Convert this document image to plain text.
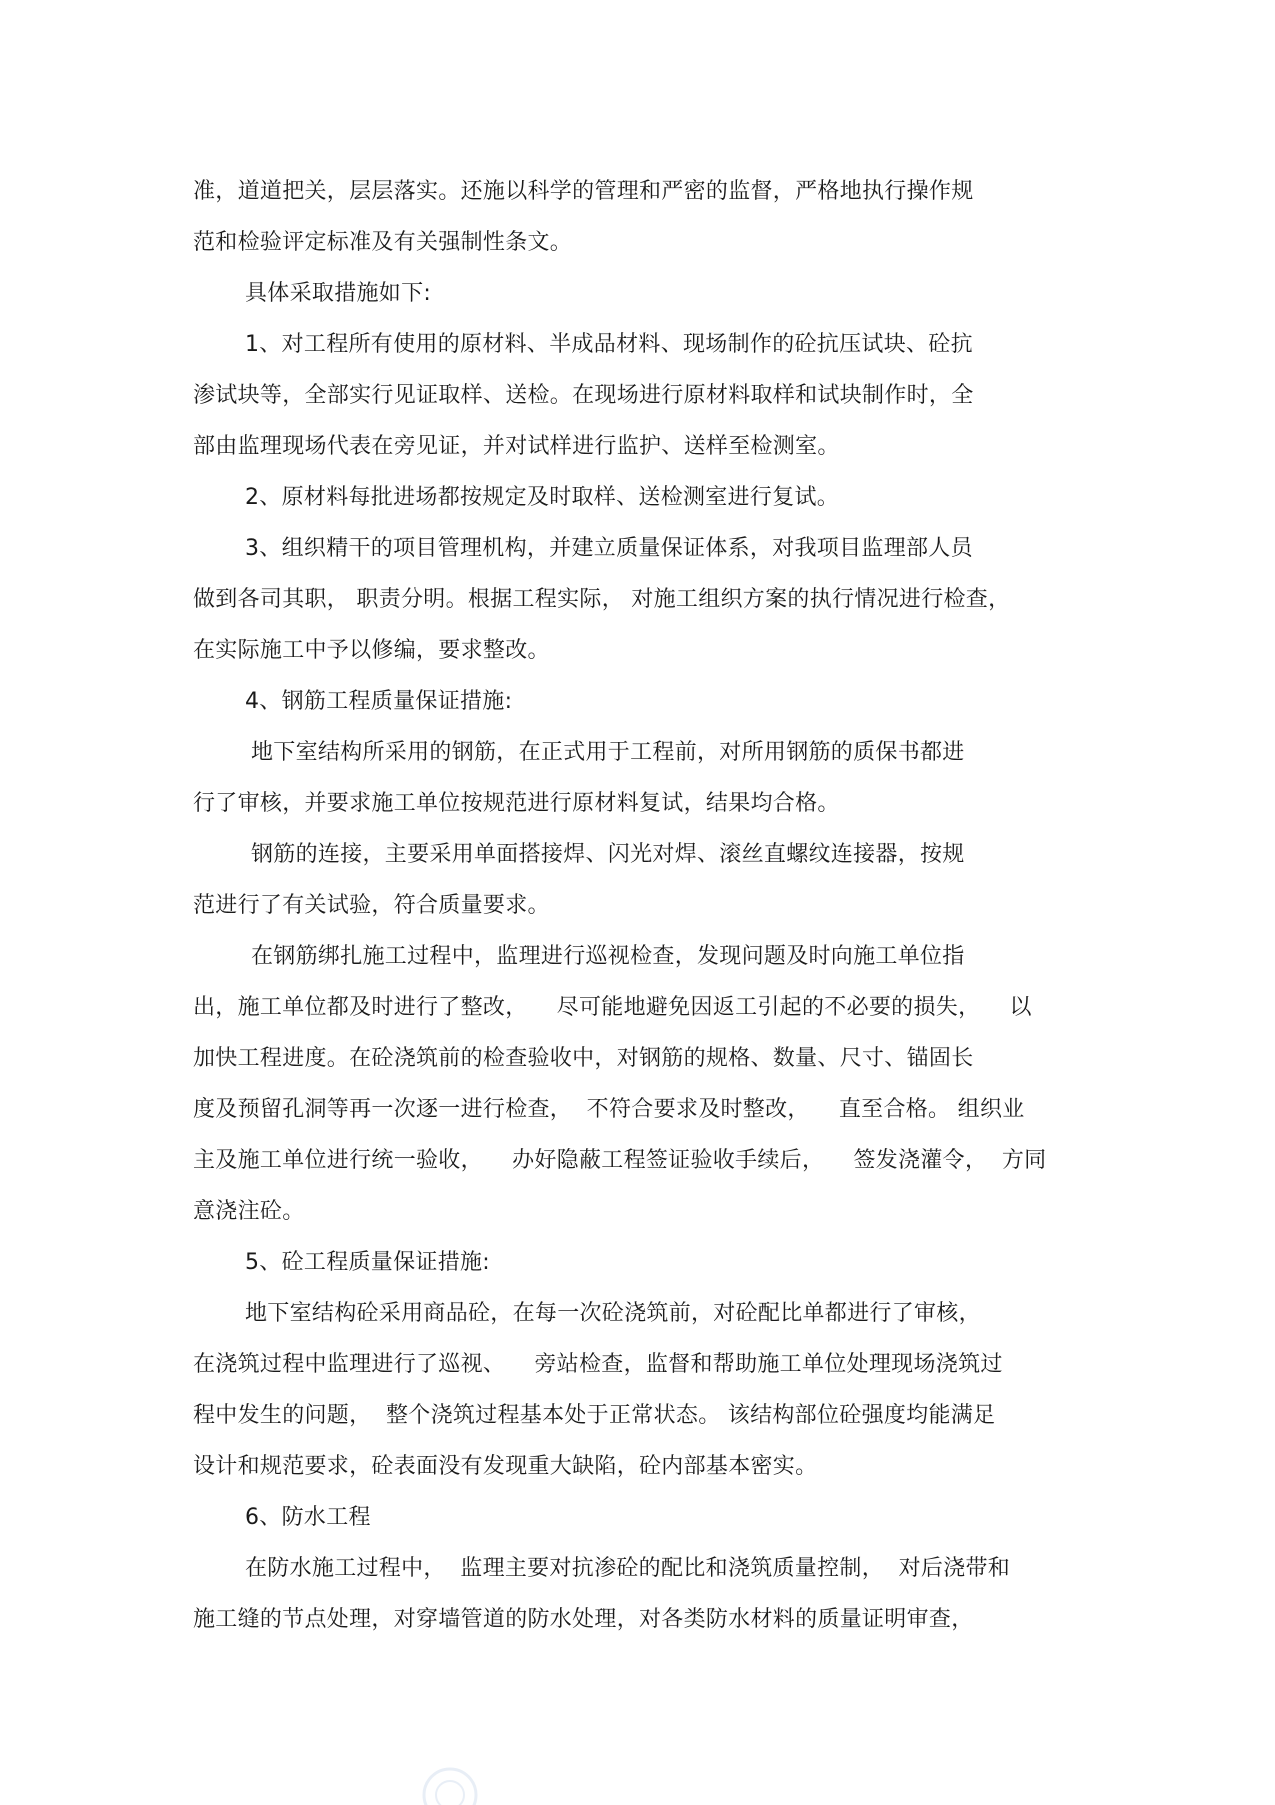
准，道道把关，层层落实。还施以科学的管理和严密的监督，严格地执行操作规
范和检验评定标准及有关强制性条文。
具体采取措施如下:
1、对工程所有使用的原材料、半成品材料、现场制作的砼抗压试块、砼抗
渗试块等，全部实行见证取样、送检。在现场进行原材料取样和试块制作时，全
部由监理现场代表在旁见证，并对试样进行监护、送样至检测室。
2、原材料每批进场都按规定及时取样、送检测室进行复试。
3、组织精干的项目管理机构，并建立质量保证体系，对我项目监理部人员
做到各司其职， 职责分明。根据工程实际， 对施工组织方案的执行情况进行检查，
在实际施工中予以修编，要求整改。
4、钢筋工程质量保证措施:
地下室结构所采用的钢筋，在正式用于工程前，对所用钢筋的质保书都进
行了审核，并要求施工单位按规范进行原材料复试，结果均合格。
钢筋的连接，主要采用单面搭接焊、闪光对焊、滚丝直螺纹连接器，按规
范进行了有关试验，符合质量要求。
在钢筋绑扎施工过程中，监理进行巡视检查，发现问题及时向施工单位指
出，施工单位都及时进行了整改，    尽可能地避免因返工引起的不必要的损失，    以
加快工程进度。在砼浇筑前的检查验收中，对钢筋的规格、数量、尺寸、锚固长
度及预留孔洞等再一次逐一进行检查，  不符合要求及时整改，    直至合格。 组织业
主及施工单位进行统一验收，    办好隐蔽工程签证验收手续后，    签发浇灌令，  方同
意浇注砼。
5、砼工程质量保证措施:
地下室结构砼采用商品砼，在每一次砼浇筑前，对砼配比单都进行了审核，
在浇筑过程中监理进行了巡视、    旁站检查，监督和帮助施工单位处理现场浇筑过
程中发生的问题，  整个浇筑过程基本处于正常状态。 该结构部位砼强度均能满足
设计和规范要求，砼表面没有发现重大缺陷，砼内部基本密实。
6、防水工程
在防水施工过程中，  监理主要对抗渗砼的配比和浇筑质量控制，  对后浇带和
施工缝的节点处理，对穿墙管道的防水处理，对各类防水材料的质量证明审查，
